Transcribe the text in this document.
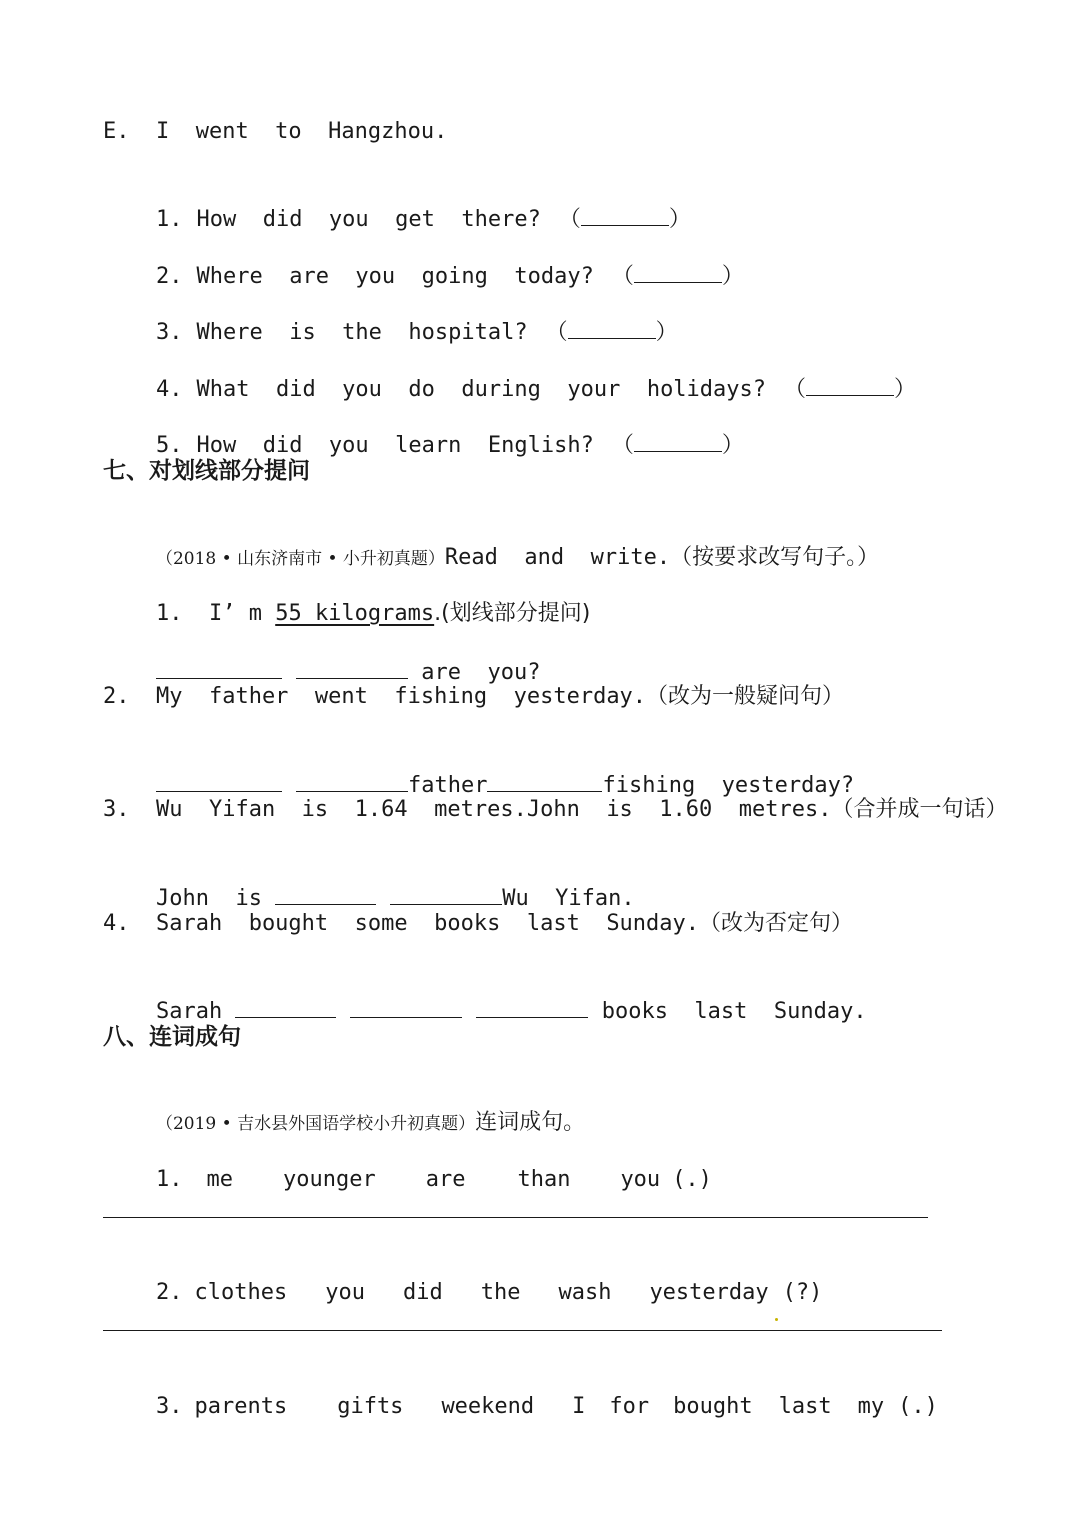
E.  I  went  to  Hangzhou.

1. How  did  you  get  there? （	）

2. Where  are  you  going  today? （	）

3. Where  is  the  hospital? （	）

4. What  did  you  do  during  your  holidays? （	）

5. How  did  you  learn  English? （	）

七、对划线部分提问

（2018 • 山东济南市 • 小升初真题）Read  and  write.（按要求改写句子。）

1.  I’ m 55 kilograms.(划线部分提问)

are  you?

2.  My  father  went  fishing  yesterday.（改为一般疑问句）

father	fishing  yesterday?

3.  Wu  Yifan  is  1.64  metres.John  is  1.60  metres.（合并成一句话）

John  is	Wu  Yifan.

4.  Sarah  bought  some  books  last  Sunday.（改为否定句）

Sarah	books  last  Sunday.

八、连词成句

（2019 • 吉水县外国语学校小升初真题）连词成句。

1. me younger are than you (.)

2. clothes you did the wash yesterday (?)

3. parents gifts weekend I for bought last my (.)
